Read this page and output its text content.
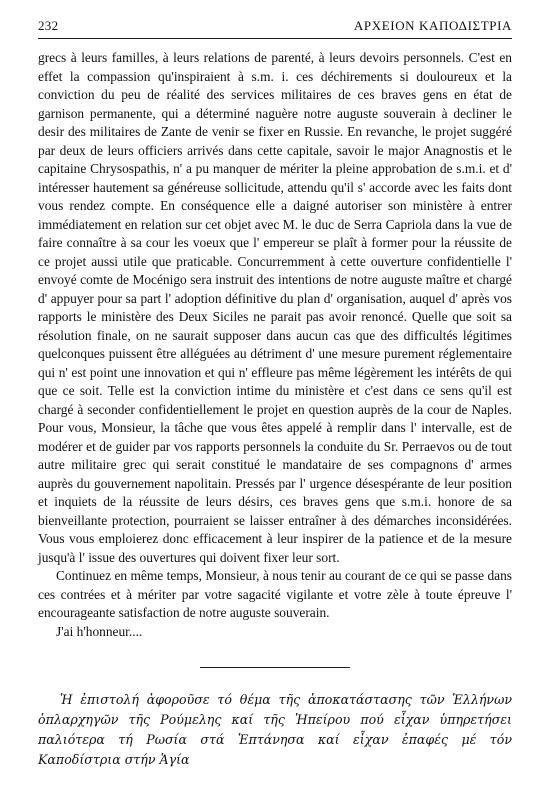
232	ΑΡΧΕΙΟΝ ΚΑΠΟΔΙΣΤΡΙΑ

grecs à leurs familles, à leurs relations de parenté, à leurs devoirs personnels. C'est en effet la compassion qu'inspiraient à s.m. i. ces déchirements si douloureux et la conviction du peu de réalité des services militaires de ces braves gens en état de garnison permanente, qui a déterminé naguère notre auguste souverain à decliner le desir des militaires de Zante de venir se fixer en Russie. En revanche, le projet suggéré par deux de leurs officiers arrivés dans cette capitale, savoir le major Anagnostis et le capitaine Chrysospathis, n' a pu manquer de mériter la pleine approbation de s.m.i. et d' intéresser hautement sa généreuse sollicitude, attendu qu'il s' accorde avec les faits dont vous rendez compte. En conséquence elle a daigné autoriser son ministère à entrer immédiatement en relation sur cet objet avec M. le duc de Serra Capriola dans la vue de faire connaître à sa cour les voeux que l' empereur se plaît à former pour la réussite de ce projet aussi utile que praticable. Concurremment à cette ouverture confidentielle l' envoyé comte de Mocénigo sera instruit des intentions de notre auguste maître et chargé d' appuyer pour sa part l' adoption définitive du plan d' organisation, auquel d' après vos rapports le ministère des Deux Siciles ne parait pas avoir renoncé. Quelle que soit sa résolution finale, on ne saurait supposer dans aucun cas que des difficultés légitimes quelconques puissent être alléguées au détriment d' une mesure purement réglementaire qui n' est point une innovation et qui n' effleure pas même légèrement les intérêts de qui que ce soit. Telle est la conviction intime du ministère et c'est dans ce sens qu'il est chargé à seconder confidentiellement le projet en question auprès de la cour de Naples. Pour vous, Monsieur, la tâche que vous êtes appelé à remplir dans l' intervalle, est de modérer et de guider par vos rapports personnels la conduite du Sr. Perraevos ou de tout autre militaire grec qui serait constitué le mandataire de ses compagnons d' armes auprès du gouvernement napolitain. Pressés par l' urgence désespérante de leur position et inquiets de la réussite de leurs désirs, ces braves gens que s.m.i. honore de sa bienveillante protection, pourraient se laisser entraîner à des démarches inconsidérées. Vous vous emploierez donc efficacement à leur inspirer de la patience et de la mesure jusqu'à l' issue des ouvertures qui doivent fixer leur sort.

Continuez en même temps, Monsieur, à nous tenir au courant de ce qui se passe dans ces contrées et à mériter par votre sagacité vigilante et votre zèle à toute épreuve l' encourageante satisfaction de notre auguste souverain.

J'ai h'honneur....

Ἡ ἐπιστολή ἀφοροῦσε τό θέμα τῆς ἀποκατάστασης τῶν Ἑλλήνων ὁπλαρχηγῶν τῆς Ρούμελης καί τῆς Ἠπείρου πού εἶχαν ὑπηρετήσει παλιότερα τή Ρωσία στά Ἑπτάνησα καί εἶχαν ἐπαφές μέ τόν Καποδίστρια στήν Ἁγία
